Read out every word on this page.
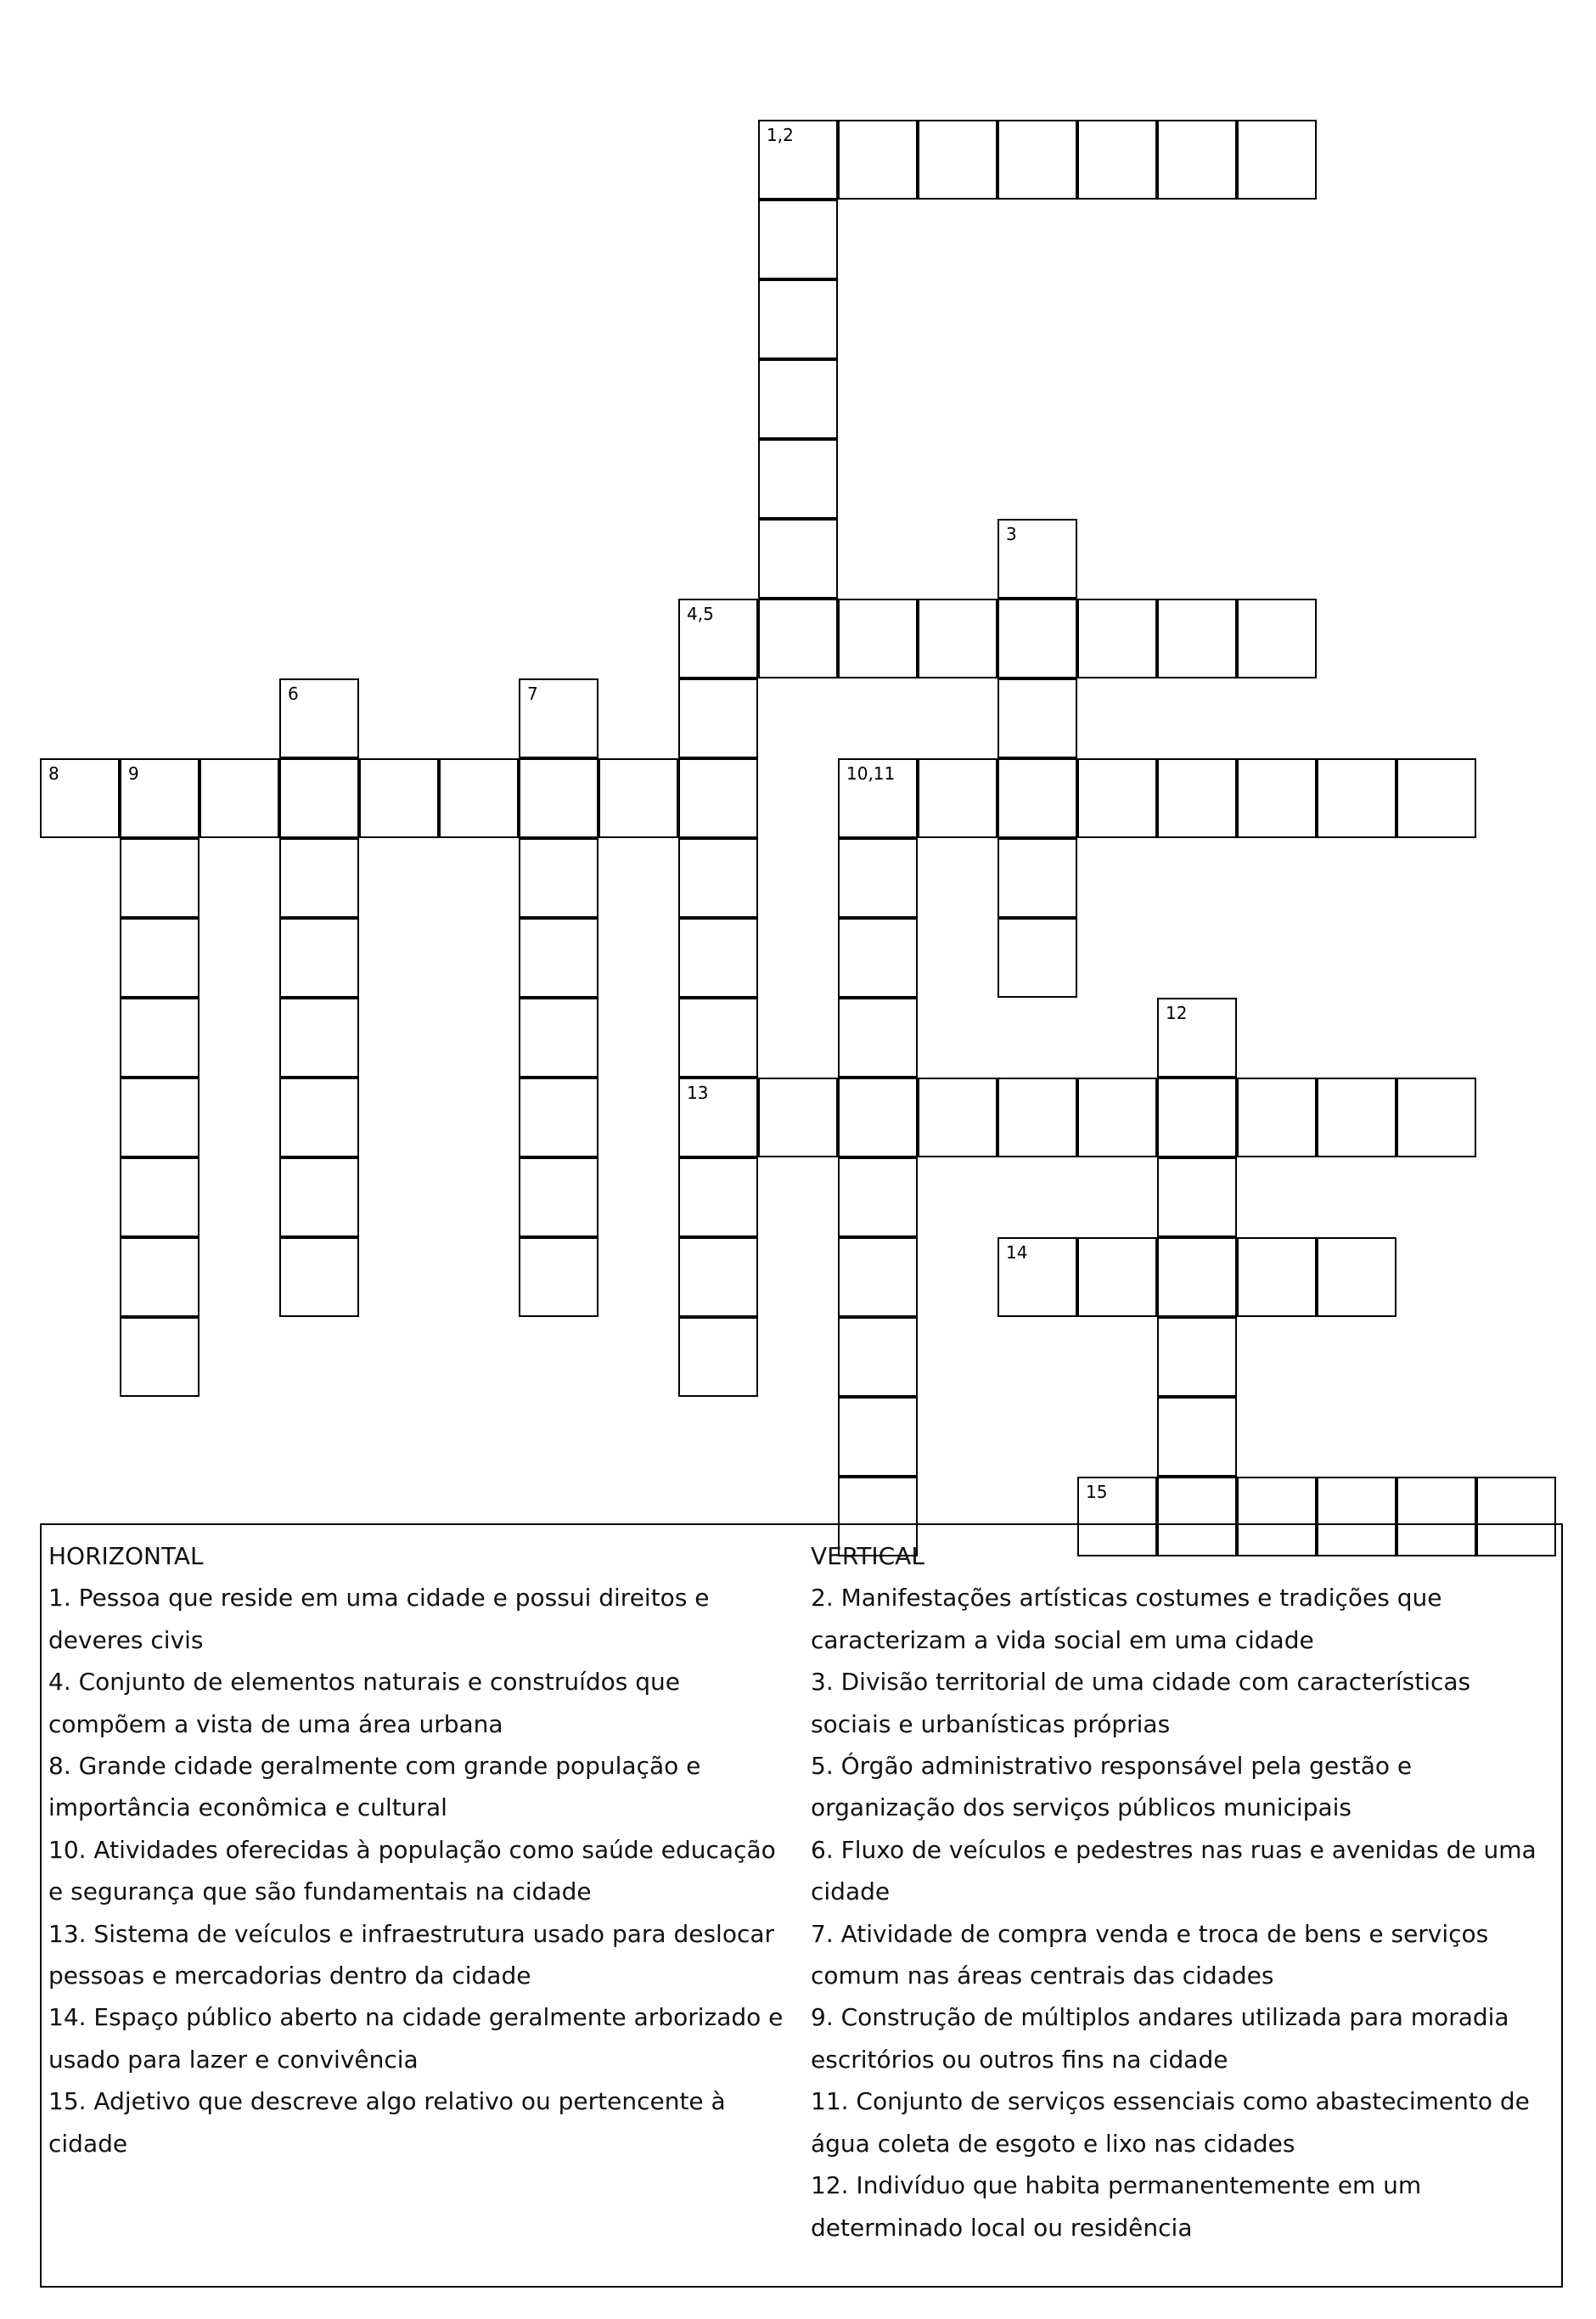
1,2
3
4,5
6	7
8	9	10,11
12
13
14
15
HORIZONTAL
1. Pessoa que reside em uma cidade e possui direitos e deveres civis
4. Conjunto de elementos naturais e construídos que compõem a vista de uma área urbana
8. Grande cidade geralmente com grande população e importância econômica e cultural
10. Atividades oferecidas à população como saúde educação e segurança que são fundamentais na cidade
13. Sistema de veículos e infraestrutura usado para deslocar pessoas e mercadorias dentro da cidade
14. Espaço público aberto na cidade geralmente arborizado e usado para lazer e convivência
15. Adjetivo que descreve algo relativo ou pertencente à cidade
VERTICAL
2. Manifestações artísticas costumes e tradições que caracterizam a vida social em uma cidade
3. Divisão territorial de uma cidade com características sociais e urbanísticas próprias
5. Órgão administrativo responsável pela gestão e organização dos serviços públicos municipais
6. Fluxo de veículos e pedestres nas ruas e avenidas de uma cidade
7. Atividade de compra venda e troca de bens e serviços comum nas áreas centrais das cidades
9. Construção de múltiplos andares utilizada para moradia escritórios ou outros fins na cidade
11. Conjunto de serviços essenciais como abastecimento de água coleta de esgoto e lixo nas cidades
12. Indivíduo que habita permanentemente em um determinado local ou residência
